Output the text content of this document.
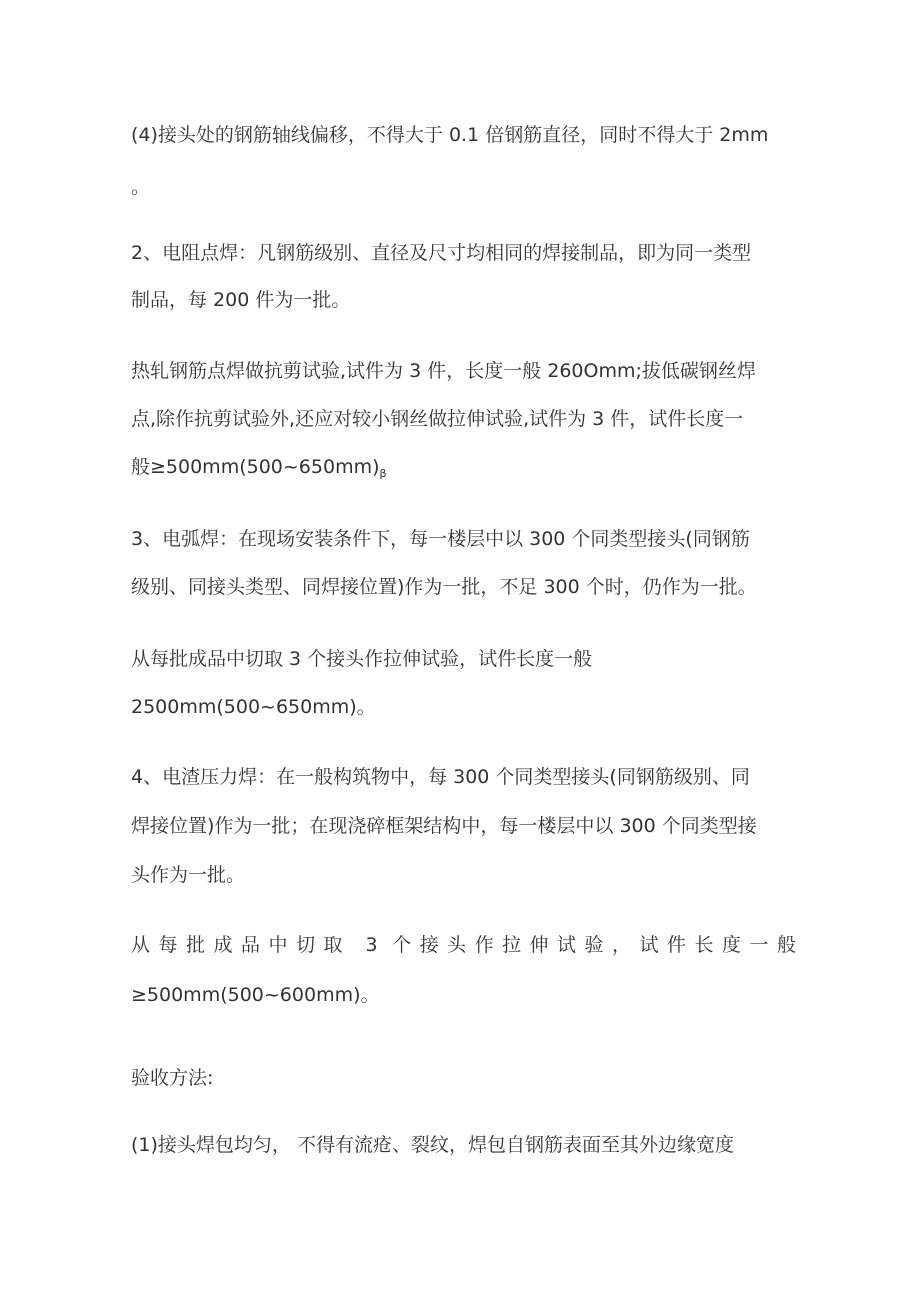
(4)接头处的钢筋轴线偏移，不得大于 0.1 倍钢筋直径，同时不得大于 2mm
。
2、电阻点焊：凡钢筋级别、直径及尺寸均相同的焊接制品，即为同一类型
制品，每 200 件为一批。
热轧钢筋点焊做抗剪试验,试件为 3 件，长度一般 260Omm;拔低碳钢丝焊
点,除作抗剪试验外,还应对较小钢丝做拉伸试验,试件为 3 件，试件长度一
般$\ge 500mm(500\sim 650mm)_\beta$
3、电弧焊：在现场安装条件下，每一楼层中以 300 个同类型接头(同钢筋
级别、同接头类型、同焊接位置)作为一批，不足 300 个时，仍作为一批。
从每批成品中切取 3 个接头作拉伸试验，试件长度一般
2500mm(500~650mm)。
4、电渣压力焊：在一般构筑物中，每 300 个同类型接头(同钢筋级别、同
焊接位置)作为一批；在现浇碎框架结构中，每一楼层中以 300 个同类型接
头作为一批。
从每批成品中切取 3 个接头作拉伸试验，试件长度一般
≥500mm(500~600mm)。
验收方法:
(1)接头焊包均匀， 不得有流疮、裂纹，焊包自钢筋表面至其外边缘宽度
